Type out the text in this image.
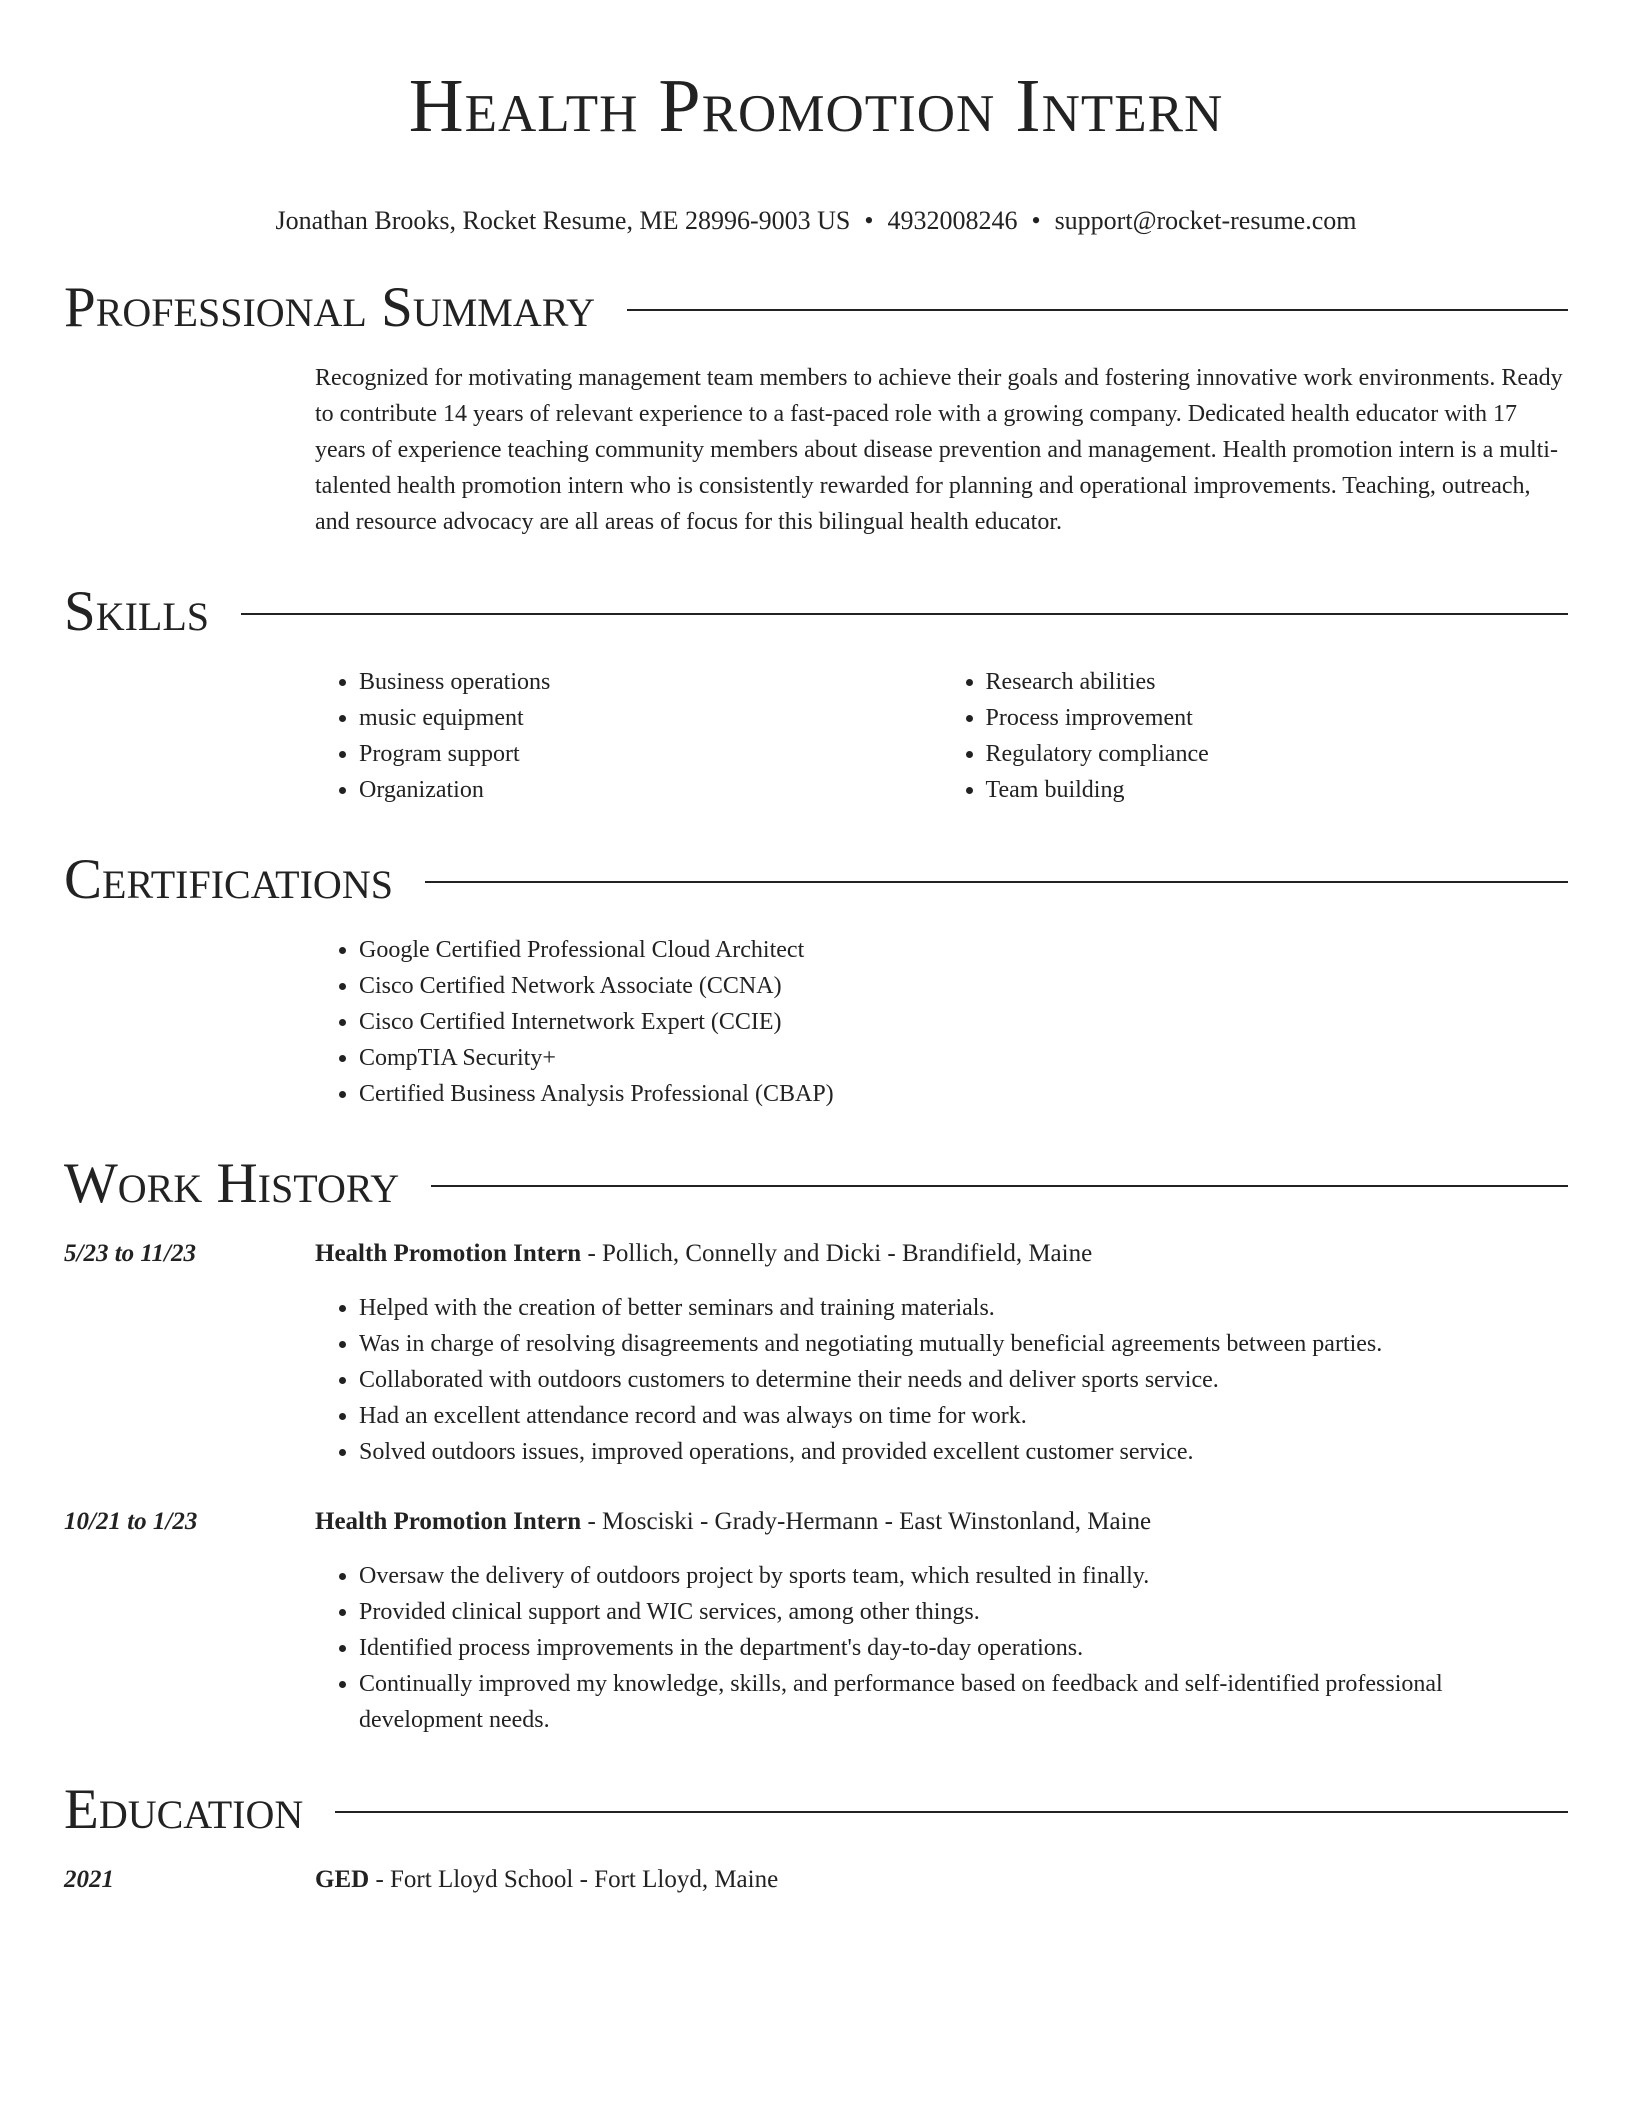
Health Promotion Intern
Jonathan Brooks, Rocket Resume, ME 28996-9003 US • 4932008246 • support@rocket-resume.com
Professional Summary
Recognized for motivating management team members to achieve their goals and fostering innovative work environments. Ready to contribute 14 years of relevant experience to a fast-paced role with a growing company. Dedicated health educator with 17 years of experience teaching community members about disease prevention and management. Health promotion intern is a multi-talented health promotion intern who is consistently rewarded for planning and operational improvements. Teaching, outreach, and resource advocacy are all areas of focus for this bilingual health educator.
Skills
• Business operations
• music equipment
• Program support
• Organization
• Research abilities
• Process improvement
• Regulatory compliance
• Team building
Certifications
• Google Certified Professional Cloud Architect
• Cisco Certified Network Associate (CCNA)
• Cisco Certified Internetwork Expert (CCIE)
• CompTIA Security+
• Certified Business Analysis Professional (CBAP)
Work History
5/23 to 11/23	Health Promotion Intern - Pollich, Connelly and Dicki - Brandifield, Maine
• Helped with the creation of better seminars and training materials.
• Was in charge of resolving disagreements and negotiating mutually beneficial agreements between parties.
• Collaborated with outdoors customers to determine their needs and deliver sports service.
• Had an excellent attendance record and was always on time for work.
• Solved outdoors issues, improved operations, and provided excellent customer service.
10/21 to 1/23	Health Promotion Intern - Mosciski - Grady-Hermann - East Winstonland, Maine
• Oversaw the delivery of outdoors project by sports team, which resulted in finally.
• Provided clinical support and WIC services, among other things.
• Identified process improvements in the department's day-to-day operations.
• Continually improved my knowledge, skills, and performance based on feedback and self-identified professional development needs.
Education
2021	GED - Fort Lloyd School - Fort Lloyd, Maine
